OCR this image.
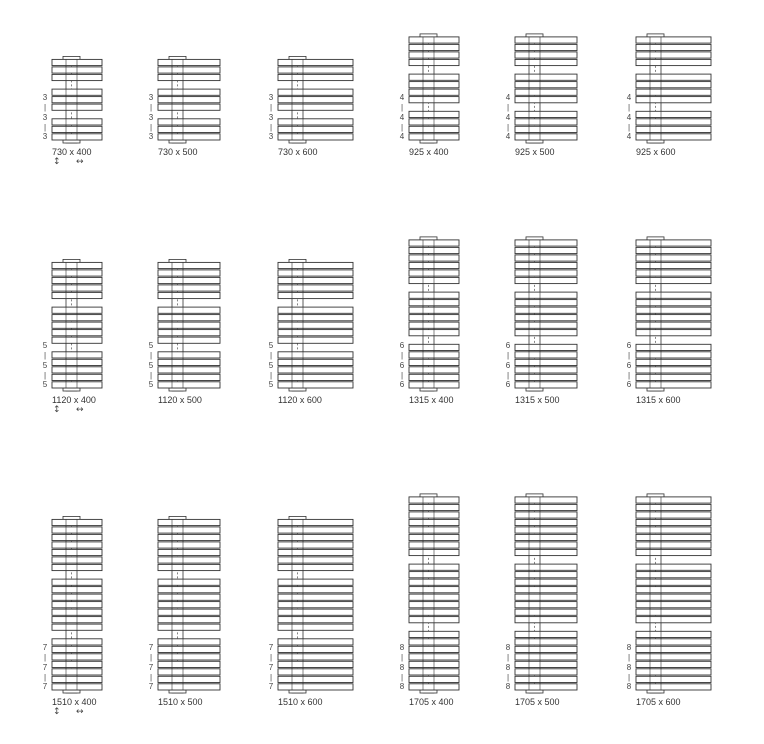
3
|
3
|
3
730 x 400
↕ ↔
3
|
3
|
3
730 x 500
3
|
3
|
3
730 x 600
4
|
4
|
4
925 x 400
4
|
4
|
4
925 x 500
4
|
4
|
4
925 x 600
5
|
5
|
5
1120 x 400
↕ ↔
5
|
5
|
5
1120 x 500
5
|
5
|
5
1120 x 600
6
|
6
|
6
1315 x 400
6
|
6
|
6
1315 x 500
6
|
6
|
6
1315 x 600
7
|
7
|
7
1510 x 400
↕ ↔
7
|
7
|
7
1510 x 500
7
|
7
|
7
1510 x 600
8
|
8
|
8
1705 x 400
8
|
8
|
8
1705 x 500
8
|
8
|
8
1705 x 600
